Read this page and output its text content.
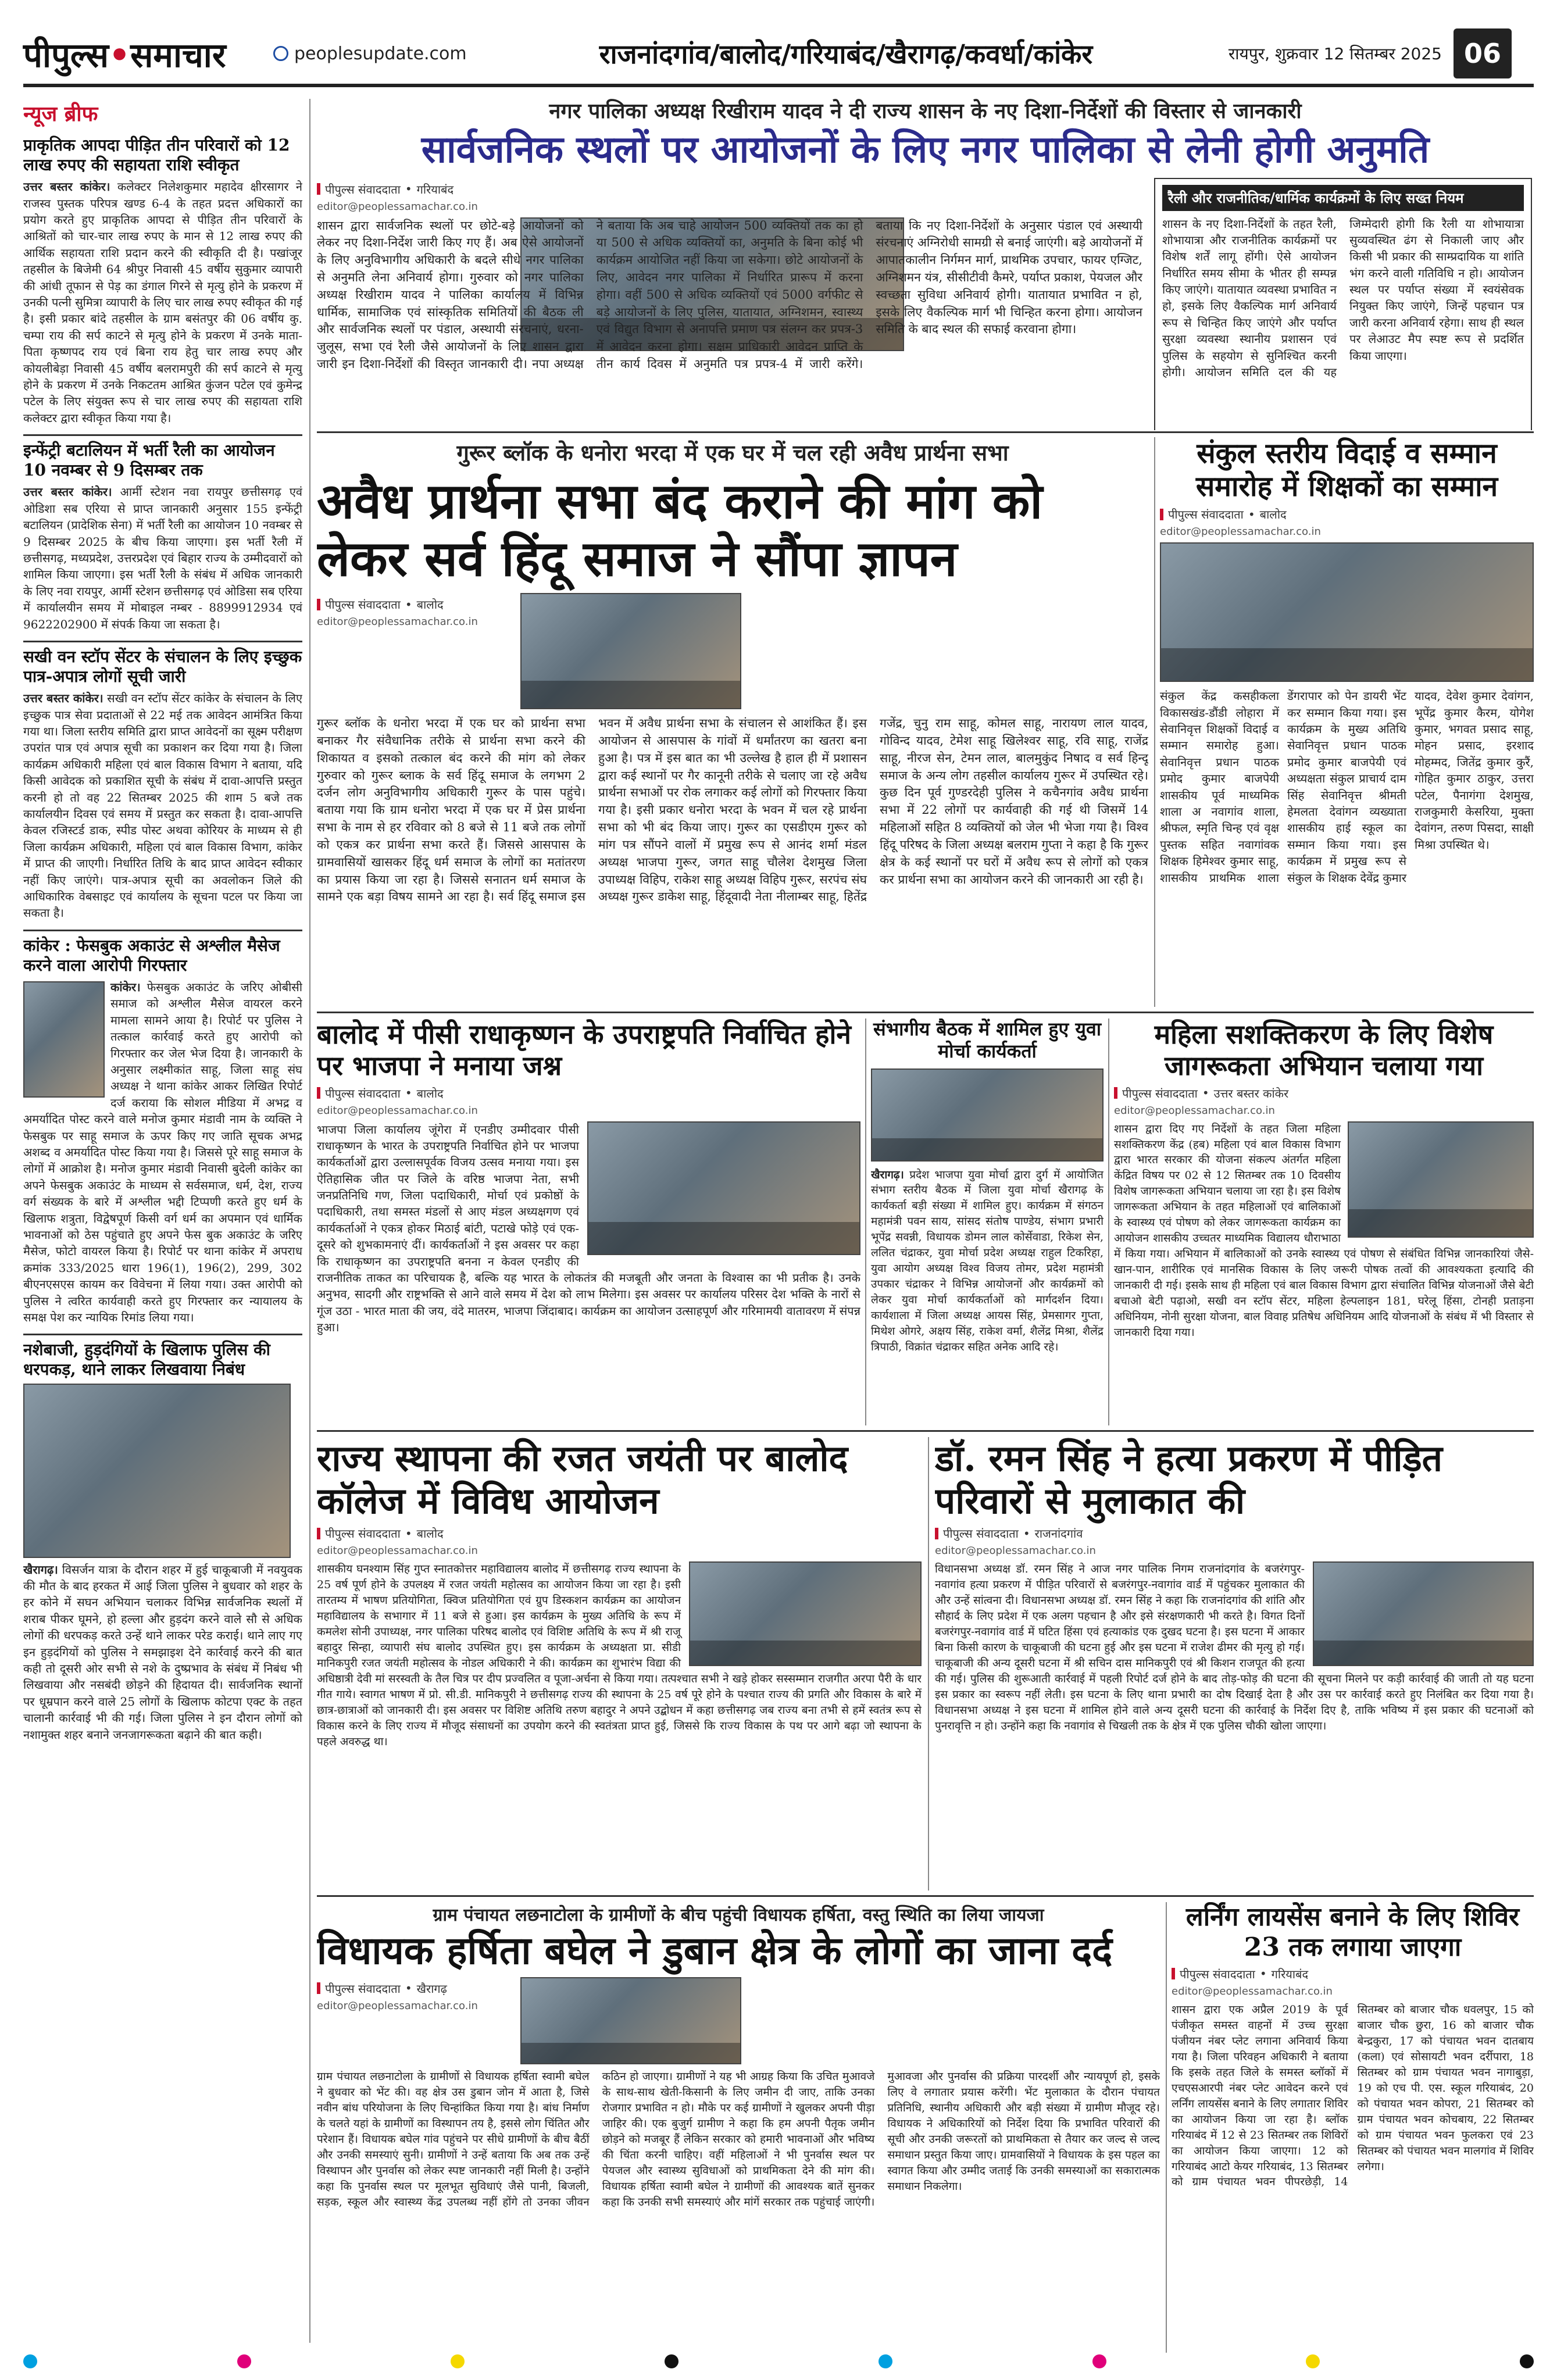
पीपुल्स•समाचार	peoplesupdate.com	राजनांदगांव/बालोद/गरियाबंद/खैरागढ़/कवर्धा/कांकेर	रायपुर, शुक्रवार 12 सितम्बर 2025 06
न्यूज ब्रीफ
प्राकृतिक आपदा पीड़ित तीन परिवारों को 12 लाख रुपए की सहायता राशि स्वीकृत

उत्तर बस्तर कांकेर। कलेक्टर निलेशकुमार महादेव क्षीरसागर ने राजस्व पुस्तक परिपत्र खण्ड 6-4 के तहत प्रदत्त अधिकारों का प्रयोग करते हुए प्राकृतिक आपदा से पीड़ित तीन परिवारों के आश्रितों को चार-चार लाख रुपए के मान से 12 लाख रुपए की आर्थिक सहायता राशि प्रदान करने की स्वीकृति दी है। पखांजूर तहसील के बिजेमी 64 श्रीपुर निवासी 45 वर्षीय सुकुमार व्यापारी की आंधी तूफान से पेड़ का डंगाल गिरने से मृत्यु होने के प्रकरण में उनकी पत्नी सुमित्रा व्यापारी के लिए चार लाख रुपए स्वीकृत की गई है। इसी प्रकार बांदे तहसील के ग्राम बसंतपुर की 06 वर्षीय कु. चम्पा राय की सर्प काटने से मृत्यु होने के प्रकरण में उनके माता-पिता कृष्णपद राय एवं बिना राय हेतु चार लाख रुपए और कोयलीबेड़ा निवासी 45 वर्षीय बलरामपुरी की सर्प काटने से मृत्यु होने के प्रकरण में उनके निकटतम आश्रित कुंजन पटेल एवं कुमेन्द्र पटेल के लिए संयुक्त रूप से चार लाख रुपए की सहायता राशि कलेक्टर द्वारा स्वीकृत किया गया है।

इन्फेंट्री बटालियन में भर्ती रैली का आयोजन 10 नवम्बर से 9 दिसम्बर तक

उत्तर बस्तर कांकेर। आर्मी स्टेशन नवा रायपुर छत्तीसगढ़ एवं ओडिशा सब एरिया से प्राप्त जानकारी अनुसार 155 इन्फेंट्री बटालियन (प्रादेशिक सेना) में भर्ती रैली का आयोजन 10 नवम्बर से 9 दिसम्बर 2025 के बीच किया जाएगा। इस भर्ती रैली में छत्तीसगढ़, मध्यप्रदेश, उत्तरप्रदेश एवं बिहार राज्य के उम्मीदवारों को शामिल किया जाएगा। इस भर्ती रैली के संबंध में अधिक जानकारी के लिए नवा रायपुर, आर्मी स्टेशन छत्तीसगढ़ एवं ओडिसा सब एरिया में कार्यालयीन समय में मोबाइल नम्बर - 8899912934 एवं 9622202900 में संपर्क किया जा सकता है।

सखी वन स्टॉप सेंटर के संचालन के लिए इच्छुक पात्र-अपात्र लोगों सूची जारी

उत्तर बस्तर कांकेर। सखी वन स्टॉप सेंटर कांकेर के संचालन के लिए इच्छुक पात्र सेवा प्रदाताओं से 22 मई तक आवेदन आमंत्रित किया गया था। जिला स्तरीय समिति द्वारा प्राप्त आवेदनों का सूक्ष्म परीक्षण उपरांत पात्र एवं अपात्र सूची का प्रकाशन कर दिया गया है। जिला कार्यक्रम अधिकारी महिला एवं बाल विकास विभाग ने बताया, यदि किसी आवेदक को प्रकाशित सूची के संबंध में दावा-आपत्ति प्रस्तुत करनी हो तो वह 22 सितम्बर 2025 की शाम 5 बजे तक कार्यालयीन दिवस एवं समय में प्रस्तुत कर सकता है। दावा-आपत्ति केवल रजिस्टर्ड डाक, स्पीड पोस्ट अथवा कोरियर के माध्यम से ही जिला कार्यक्रम अधिकारी, महिला एवं बाल विकास विभाग, कांकेर में प्राप्त की जाएगी। निर्धारित तिथि के बाद प्राप्त आवेदन स्वीकार नहीं किए जाएंगे। पात्र-अपात्र सूची का अवलोकन जिले की आधिकारिक वेबसाइट एवं कार्यालय के सूचना पटल पर किया जा सकता है।

कांकेर : फेसबुक अकाउंट से अश्लील मैसेज करने वाला आरोपी गिरफ्तार

कांकेर। फेसबुक अकाउंट के जरिए ओबीसी समाज को अश्लील मैसेज वायरल करने मामला सामने आया है। रिपोर्ट पर पुलिस ने तत्काल कार्रवाई करते हुए आरोपी को गिरफ्तार कर जेल भेज दिया है। जानकारी के अनुसार लक्ष्मीकांत साहू, जिला साहू संघ अध्यक्ष ने थाना कांकेर आकर लिखित रिपोर्ट दर्ज कराया कि सोशल मीडिया में अभद्र व अमर्यादित पोस्ट करने वाले मनोज कुमार मंडावी नाम के व्यक्ति ने फेसबुक पर साहू समाज के ऊपर किए गए जाति सूचक अभद्र अशब्द व अमर्यादित पोस्ट किया गया है। जिससे पूरे साहू समाज के लोगों में आक्रोश है। मनोज कुमार मंडावी निवासी बुदेली कांकेर का अपने फेसबुक अकाउंट के माध्यम से सर्वसमाज, धर्म, देश, राज्य वर्ग संख्यक के बारे में अश्लील भद्दी टिप्पणी करते हुए धर्म के खिलाफ शत्रुता, विद्वेषपूर्ण किसी वर्ग धर्म का अपमान एवं धार्मिक भावनाओं को ठेस पहुंचाते हुए अपने फेस बुक अकाउंट के जरिए मैसेज, फोटो वायरल किया है। रिपोर्ट पर थाना कांकेर में अपराध क्रमांक 333/2025 धारा 196(1), 196(2), 299, 302 बीएनएसएस कायम कर विवेचना में लिया गया। उक्त आरोपी को पुलिस ने त्वरित कार्यवाही करते हुए गिरफ्तार कर न्यायालय के समक्ष पेश कर न्यायिक रिमांड लिया गया।

नशेबाजी, हुड़दंगियों के खिलाफ पुलिस की धरपकड़, थाने लाकर लिखवाया निबंध

खैरागढ़। विसर्जन यात्रा के दौरान शहर में हुई चाकूबाजी में नवयुवक की मौत के बाद हरकत में आई जिला पुलिस ने बुधवार को शहर के हर कोने में सघन अभियान चलाकर विभिन्न सार्वजनिक स्थलों में शराब पीकर घूमने, हो हल्ला और हुड़दंग करने वाले सौ से अधिक लोगों की धरपकड़ करते उन्हें थाने लाकर परेड कराई। थाने लाए गए इन हुड़दंगियों को पुलिस ने समझाइश देने कार्रवाई करने की बात कही तो दूसरी ओर सभी से नशे के दुष्प्रभाव के संबंध में निबंध भी लिखवाया और नसबंदी छोड़ने की हिदायत दी। सार्वजनिक स्थानों पर धूम्रपान करने वाले 25 लोगों के खिलाफ कोटपा एक्ट के तहत चालानी कार्रवाई भी की गई। जिला पुलिस ने इन दौरान लोगों को नशामुक्त शहर बनाने जनजागरूकता बढ़ाने की बात कही।

नगर पालिका अध्यक्ष रिखीराम यादव ने दी राज्य शासन के नए दिशा-निर्देशों की विस्तार से जानकारी
सार्वजनिक स्थलों पर आयोजनों के लिए नगर पालिका से लेनी होगी अनुमति
पीपुल्स संवाददाता • गरियाबंद
editor@peoplessamachar.co.in
शासन द्वारा सार्वजनिक स्थलों पर छोटे-बड़े आयोजनों को लेकर नए दिशा-निर्देश जारी किए गए हैं। अब ऐसे आयोजनों के लिए अनुविभागीय अधिकारी के बदले सीधे नगर पालिका से अनुमति लेना अनिवार्य होगा। गुरुवार को नगर पालिका अध्यक्ष रिखीराम यादव ने पालिका कार्यालय में विभिन्न धार्मिक, सामाजिक एवं सांस्कृतिक समितियों की बैठक ली और सार्वजनिक स्थलों पर पंडाल, अस्थायी संरचनाएं, धरना-जुलूस, सभा एवं रैली जैसे आयोजनों के लिए शासन द्वारा जारी इन दिशा-निर्देशों की विस्तृत जानकारी दी। नपा अध्यक्ष ने बताया कि अब चाहे आयोजन 500 व्यक्तियों तक का हो या 500 से अधिक व्यक्तियों का, अनुमति के बिना कोई भी कार्यक्रम आयोजित नहीं किया जा सकेगा। छोटे आयोजनों के लिए, आवेदन नगर पालिका में निर्धारित प्रारूप में करना होगा। वहीं 500 से अधिक व्यक्तियों एवं 5000 वर्गफीट से बड़े आयोजनों के लिए पुलिस, यातायात, अग्निशमन, स्वास्थ्य एवं विद्युत विभाग से अनापत्ति प्रमाण पत्र संलग्न कर प्रपत्र-3 में आवेदन करना होगा। सक्षम प्राधिकारी आवेदन प्राप्ति के तीन कार्य दिवस में अनुमति पत्र प्रपत्र-4 में जारी करेंगे। बताया कि नए दिशा-निर्देशों के अनुसार पंडाल एवं अस्थायी संरचनाएं अग्निरोधी सामग्री से बनाई जाएंगी। बड़े आयोजनों में आपातकालीन निर्गमन मार्ग, प्राथमिक उपचार, फायर एग्जिट, अग्निशमन यंत्र, सीसीटीवी कैमरे, पर्याप्त प्रकाश, पेयजल और स्वच्छता सुविधा अनिवार्य होगी। यातायात प्रभावित न हो, इसके लिए वैकल्पिक मार्ग भी चिन्हित करना होगा। आयोजन समिति के बाद स्थल की सफाई करवाना होगा।
रैली और राजनीतिक/धार्मिक कार्यक्रमों के लिए सख्त नियम
शासन के नए दिशा-निर्देशों के तहत रैली, शोभायात्रा और राजनीतिक कार्यक्रमों पर विशेष शर्तें लागू होंगी। ऐसे आयोजन निर्धारित समय सीमा के भीतर ही सम्पन्न किए जाएंगे। यातायात व्यवस्था प्रभावित न हो, इसके लिए वैकल्पिक मार्ग अनिवार्य रूप से चिन्हित किए जाएंगे और पर्याप्त सुरक्षा व्यवस्था स्थानीय प्रशासन एवं पुलिस के सहयोग से सुनिश्चित करनी होगी। आयोजन समिति दल की यह जिम्मेदारी होगी कि रैली या शोभायात्रा सुव्यवस्थित ढंग से निकाली जाए और किसी भी प्रकार की साम्प्रदायिक या शांति भंग करने वाली गतिविधि न हो। आयोजन स्थल पर पर्याप्त संख्या में स्वयंसेवक नियुक्त किए जाएंगे, जिन्हें पहचान पत्र जारी करना अनिवार्य रहेगा। साथ ही स्थल पर लेआउट मैप स्पष्ट रूप से प्रदर्शित किया जाएगा।
गुरूर ब्लॉक के धनोरा भरदा में एक घर में चल रही अवैध प्रार्थना सभा
अवैध प्रार्थना सभा बंद कराने की मांग को लेकर सर्व हिंदू समाज ने सौंपा ज्ञापन
पीपुल्स संवाददाता • बालोद
editor@peoplessamachar.co.in
गुरूर ब्लॉक के धनोरा भरदा में एक घर को प्रार्थना सभा बनाकर गैर संवैधानिक तरीके से प्रार्थना सभा करने की शिकायत व इसको तत्काल बंद करने की मांग को लेकर गुरुवार को गुरूर ब्लाक के सर्व हिंदू समाज के लगभग 2 दर्जन लोग अनुविभागीय अधिकारी गुरूर के पास पहुंचे। बताया गया कि ग्राम धनोरा भरदा में एक घर में प्रेस प्रार्थना सभा के नाम से हर रविवार को 8 बजे से 11 बजे तक लोगों को एकत्र कर प्रार्थना सभा करते हैं। जिससे आसपास के ग्रामवासियों खासकर हिंदू धर्म समाज के लोगों का मतांतरण का प्रयास किया जा रहा है। जिससे सनातन धर्म समाज के सामने एक बड़ा विषय सामने आ रहा है। सर्व हिंदू समाज इस भवन में अवैध प्रार्थना सभा के संचालन से आशंकित हैं। इस आयोजन से आसपास के गांवों में धर्मांतरण का खतरा बना हुआ है। पत्र में इस बात का भी उल्लेख है हाल ही में प्रशासन द्वारा कई स्थानों पर गैर कानूनी तरीके से चलाए जा रहे अवैध प्रार्थना सभाओं पर रोक लगाकर कई लोगों को गिरफ्तार किया गया है। इसी प्रकार धनोरा भरदा के भवन में चल रहे प्रार्थना सभा को भी बंद किया जाए। गुरूर का एसडीएम गुरूर को मांग पत्र सौंपने वालों में प्रमुख रूप से आनंद शर्मा मंडल अध्यक्ष भाजपा गुरूर, जगत साहू चौलेश देशमुख जिला उपाध्यक्ष विहिप, राकेश साहू अध्यक्ष विहिप गुरूर, सरपंच संघ अध्यक्ष गुरूर डाकेश साहू, हिंदूवादी नेता नीलाम्बर साहू, हितेंद्र गजेंद्र, चुनु राम साहू, कोमल साहू, नारायण लाल यादव, गोविन्द यादव, टेमेश साहू खिलेश्वर साहू, रवि साहू, राजेंद्र साहू, नीरज सेन, टेमन लाल, बालमुकुंद निषाद व सर्व हिन्दू समाज के अन्य लोग तहसील कार्यालय गुरूर में उपस्थित रहे। कुछ दिन पूर्व गुण्डरदेही पुलिस ने कचैनगांव अवैध प्रार्थना सभा में 22 लोगों पर कार्यवाही की गई थी जिसमें 14 महिलाओं सहित 8 व्यक्तियों को जेल भी भेजा गया है। विश्व हिंदू परिषद के जिला अध्यक्ष बलराम गुप्ता ने कहा है कि गुरूर क्षेत्र के कई स्थानों पर घरों में अवैध रूप से लोगों को एकत्र कर प्रार्थना सभा का आयोजन करने की जानकारी आ रही है।
संकुल स्तरीय विदाई व सम्मान समारोह में शिक्षकों का सम्मान
पीपुल्स संवाददाता • बालोद
editor@peoplessamachar.co.in
संकुल केंद्र कसहीकला विकासखंड-डौंडी लोहारा में सेवानिवृत्त शिक्षकों विदाई व सम्मान समारोह हुआ। सेवानिवृत्त प्रधान पाठक प्रमोद कुमार बाजपेयी शासकीय पूर्व माध्यमिक शाला अ नवागांव शाला, श्रीफल, स्मृति चिन्ह एवं वृक्ष पुस्तक सहित नवागांवक शिक्षक हिमेश्वर कुमार साहू, शासकीय प्राथमिक शाला डेंगरापार को पेन डायरी भेंट कर सम्मान किया गया। इस कार्यक्रम के मुख्य अतिथि सेवानिवृत्त प्रधान पाठक प्रमोद कुमार बाजपेयी एवं अध्यक्षता संकुल प्राचार्य दाम सिंह सेवानिवृत्त श्रीमती हेमलता देवांगन व्यख्याता शासकीय हाई स्कूल का सम्मान किया गया। इस कार्यक्रम में प्रमुख रूप से संकुल के शिक्षक देवेंद्र कुमार यादव, देवेश कुमार देवांगन, भूपेंद्र कुमार कैरम, योगेश कुमार, भगवत प्रसाद साहू, मोहन प्रसाद, इरशाद मोहम्मद, जितेंद्र कुमार कुरैं, गोहित कुमार ठाकुर, उत्तरा पटेल, पैनागंगा देशमुख, राजकुमारी केसरिया, मुक्ता देवांगन, तरुण पिसदा, साक्षी मिश्रा उपस्थित थे।
बालोद में पीसी राधाकृष्णन के उपराष्ट्रपति निर्वाचित होने पर भाजपा ने मनाया जश्न
पीपुल्स संवाददाता • बालोद
editor@peoplessamachar.co.in
भाजपा जिला कार्यालय जूंगेरा में एनडीए उम्मीदवार पीसी राधाकृष्णन के भारत के उपराष्ट्रपति निर्वाचित होने पर भाजपा कार्यकर्ताओं द्वारा उल्लासपूर्वक विजय उत्सव मनाया गया। इस ऐतिहासिक जीत पर जिले के वरिष्ठ भाजपा नेता, सभी जनप्रतिनिधि गण, जिला पदाधिकारी, मोर्चा एवं प्रकोष्ठों के पदाधिकारी, तथा समस्त मंडलों से आए मंडल अध्यक्षगण एवं कार्यकर्ताओं ने एकत्र होकर मिठाई बांटी, पटाखे फोड़े एवं एक-दूसरे को शुभकामनाएं दीं। कार्यकर्ताओं ने इस अवसर पर कहा कि राधाकृष्णन का उपराष्ट्रपति बनना न केवल एनडीए की राजनीतिक ताकत का परिचायक है, बल्कि यह भारत के लोकतंत्र की मजबूती और जनता के विश्वास का भी प्रतीक है। उनके अनुभव, सादगी और राष्ट्रभक्ति से आने वाले समय में देश को लाभ मिलेगा। इस अवसर पर कार्यालय परिसर देश भक्ति के नारों से गूंज उठा - भारत माता की जय, वंदे मातरम, भाजपा जिंदाबाद। कार्यक्रम का आयोजन उत्साहपूर्ण और गरिमामयी वातावरण में संपन्न हुआ।
संभागीय बैठक में शामिल हुए युवा मोर्चा कार्यकर्ता

खैरागढ़। प्रदेश भाजपा युवा मोर्चा द्वारा दुर्ग में आयोजित संभाग स्तरीय बैठक में जिला युवा मोर्चा खैरागढ़ के कार्यकर्ता बड़ी संख्या में शामिल हुए। कार्यक्रम में संगठन महामंत्री पवन साय, सांसद संतोष पाण्डेय, संभाग प्रभारी भूपेंद्र सवन्नी, विधायक डोमन लाल कोर्सेवाडा, रिकेश सेन, ललित चंद्राकर, युवा मोर्चा प्रदेश अध्यक्ष राहुल टिकरिहा, युवा आयोग अध्यक्ष विश्व विजय तोमर, प्रदेश महामंत्री उपकार चंद्राकर ने विभिन्न आयोजनों और कार्यक्रमों को लेकर युवा मोर्चा कार्यकर्ताओं को मार्गदर्शन दिया। कार्यशाला में जिला अध्यक्ष आयस सिंह, प्रेमसागर गुप्ता, मिथेश ओगरे, अक्षय सिंह, राकेश वर्मा, शैलेंद्र मिश्रा, शैलेंद्र त्रिपाठी, विक्रांत चंद्राकर सहित अनेक आदि रहे।

महिला सशक्तिकरण के लिए विशेष जागरूकता अभियान चलाया गया
पीपुल्स संवाददाता • उत्तर बस्तर कांकेर
editor@peoplessamachar.co.in
शासन द्वारा दिए गए निर्देशों के तहत जिला महिला सशक्तिकरण केंद्र (हब) महिला एवं बाल विकास विभाग द्वारा भारत सरकार की योजना संकल्प अंतर्गत महिला केंद्रित विषय पर 02 से 12 सितम्बर तक 10 दिवसीय विशेष जागरूकता अभियान चलाया जा रहा है। इस विशेष जागरूकता अभियान के तहत महिलाओं एवं बालिकाओं के स्वास्थ्य एवं पोषण को लेकर जागरूकता कार्यक्रम का आयोजन शासकीय उच्चतर माध्यमिक विद्यालय धौराभाठा में किया गया। अभियान में बालिकाओं को उनके स्वास्थ्य एवं पोषण से संबंधित विभिन्न जानकारियां जैसे- खान-पान, शारीरिक एवं मानसिक विकास के लिए जरूरी पोषक तत्वों की आवश्यकता इत्यादि की जानकारी दी गई। इसके साथ ही महिला एवं बाल विकास विभाग द्वारा संचालित विभिन्न योजनाओं जैसे बेटी बचाओ बेटी पढ़ाओ, सखी वन स्टॉप सेंटर, महिला हेल्पलाइन 181, घरेलू हिंसा, टोनही प्रताड़ना अधिनियम, नोनी सुरक्षा योजना, बाल विवाह प्रतिषेध अधिनियम आदि योजनाओं के संबंध में भी विस्तार से जानकारी दिया गया।
राज्य स्थापना की रजत जयंती पर बालोद कॉलेज में विविध आयोजन
पीपुल्स संवाददाता • बालोद
editor@peoplessamachar.co.in
शासकीय घनश्याम सिंह गुप्त स्नातकोत्तर महाविद्यालय बालोद में छत्तीसगढ़ राज्य स्थापना के 25 वर्ष पूर्ण होने के उपलक्ष्य में रजत जयंती महोत्सव का आयोजन किया जा रहा है। इसी तारतम्य में भाषण प्रतियोगिता, क्विज प्रतियोगिता एवं ग्रुप डिस्कशन कार्यक्रम का आयोजन महाविद्यालय के सभागार में 11 बजे से हुआ। इस कार्यक्रम के मुख्य अतिथि के रूप में कमलेश सोनी उपाध्यक्ष, नगर पालिका परिषद बालोद एवं विशिष्ट अतिथि के रूप में श्री राजू बहादुर सिन्हा, व्यापारी संघ बालोद उपस्थित हुए। इस कार्यक्रम के अध्यक्षता प्रा. सीडी मानिकपुरी रजत जयंती महोत्सव के नोडल अधिकारी ने की। कार्यक्रम का शुभारंभ विद्या की अधिष्ठात्री देवी मां सरस्वती के तैल चित्र पर दीप प्रज्वलित व पूजा-अर्चना से किया गया। तत्पश्चात सभी ने खड़े होकर सस्सम्मान राजगीत अरपा पैरी के धार गीत गाये। स्वागत भाषण में प्रो. सी.डी. मानिकपुरी ने छत्तीसगढ़ राज्य की स्थापना के 25 वर्ष पूरे होने के पश्चात राज्य की प्रगति और विकास के बारे में छात्र-छात्राओं को जानकारी दी। इस अवसर पर विशिष्ट अतिथि तरुण बहादुर ने अपने उद्बोधन में कहा छत्तीसगढ़ जब राज्य बना तभी से हमें स्वतंत्र रूप से विकास करने के लिए राज्य में मौजूद संसाधनों का उपयोग करने की स्वतंत्रता प्राप्त हुई, जिससे कि राज्य विकास के पथ पर आगे बढ़ा जो स्थापना के पहले अवरुद्ध था।
डॉ. रमन सिंह ने हत्या प्रकरण में पीड़ित परिवारों से मुलाकात की
पीपुल्स संवाददाता • राजनांदगांव
editor@peoplessamachar.co.in
विधानसभा अध्यक्ष डॉ. रमन सिंह ने आज नगर पालिक निगम राजनांदगांव के बजरंगपुर-नवागांव हत्या प्रकरण में पीड़ित परिवारों से बजरंगपुर-नवागांव वार्ड में पहुंचकर मुलाकात की और उन्हें सांत्वना दी। विधानसभा अध्यक्ष डॉ. रमन सिंह ने कहा कि राजनांदगांव की शांति और सौहार्द के लिए प्रदेश में एक अलग पहचान है और इसे संरक्षणकारी भी करते है। विगत दिनों बजरंगपुर-नवागांव वार्ड में घटित हिंसा एवं हत्याकांड एक दुखद घटना है। इस घटना में आकार बिना किसी कारण के चाकूबाजी की घटना हुई और इस घटना में राजेश ढीमर की मृत्यु हो गई। चाकूबाजी की अन्य दूसरी घटना में श्री सचिन दास मानिकपुरी एवं श्री किशन राजपूत की हत्या की गई। पुलिस की शुरूआती कार्रवाई में पहली रिपोर्ट दर्ज होने के बाद तोड़-फोड़ की घटना की सूचना मिलने पर कड़ी कार्रवाई की जाती तो यह घटना इस प्रकार का स्वरूप नहीं लेती। इस घटना के लिए थाना प्रभारी का दोष दिखाई देता है और उस पर कार्रवाई करते हुए निलंबित कर दिया गया है। विधानसभा अध्यक्ष ने इस घटना में शामिल होने वाले अन्य दूसरी घटना की कार्रवाई के निर्देश दिए है, ताकि भविष्य में इस प्रकार की घटनाओं को पुनरावृत्ति न हो। उन्होंने कहा कि नवागांव से चिखली तक के क्षेत्र में एक पुलिस चौकी खोला जाएगा।
ग्राम पंचायत लछनाटोला के ग्रामीणों के बीच पहुंची विधायक हर्षिता, वस्तु स्थिति का लिया जायजा
विधायक हर्षिता बघेल ने डुबान क्षेत्र के लोगों का जाना दर्द
पीपुल्स संवाददाता • खैरागढ़
editor@peoplessamachar.co.in
ग्राम पंचायत लछनाटोला के ग्रामीणों से विधायक हर्षिता स्वामी बघेल ने बुधवार को भेंट की। वह क्षेत्र उस डुबान जोन में आता है, जिसे नवीन बांध परियोजना के लिए चिन्हांकित किया गया है। बांध निर्माण के चलते यहां के ग्रामीणों का विस्थापन तय है, इससे लोग चिंतित और परेशान हैं। विधायक बघेल गांव पहुंचने पर सीधे ग्रामीणों के बीच बैठीं और उनकी समस्याएं सुनी। ग्रामीणों ने उन्हें बताया कि अब तक उन्हें विस्थापन और पुनर्वास को लेकर स्पष्ट जानकारी नहीं मिली है। उन्होंने कहा कि पुनर्वास स्थल पर मूलभूत सुविधाएं जैसे पानी, बिजली, सड़क, स्कूल और स्वास्थ्य केंद्र उपलब्ध नहीं होंगे तो उनका जीवन कठिन हो जाएगा। ग्रामीणों ने यह भी आग्रह किया कि उचित मुआवजे के साथ-साथ खेती-किसानी के लिए जमीन दी जाए, ताकि उनका रोजगार प्रभावित न हो। मौके पर कई ग्रामीणों ने खुलकर अपनी पीड़ा जाहिर की। एक बुजुर्ग ग्रामीण ने कहा कि हम अपनी पैतृक जमीन छोड़ने को मजबूर हैं लेकिन सरकार को हमारी भावनाओं और भविष्य की चिंता करनी चाहिए। वहीं महिलाओं ने भी पुनर्वास स्थल पर पेयजल और स्वास्थ्य सुविधाओं को प्राथमिकता देने की मांग की। विधायक हर्षिता स्वामी बघेल ने ग्रामीणों की आवश्यक बातें सुनकर कहा कि उनकी सभी समस्याएं और मांगें सरकार तक पहुंचाई जाएंगी। मुआवजा और पुनर्वास की प्रक्रिया पारदर्शी और न्यायपूर्ण हो, इसके लिए वे लगातार प्रयास करेंगी। भेंट मुलाकात के दौरान पंचायत प्रतिनिधि, स्थानीय अधिकारी और बड़ी संख्या में ग्रामीण मौजूद रहे। विधायक ने अधिकारियों को निर्देश दिया कि प्रभावित परिवारों की सूची और उनकी जरूरतों को प्राथमिकता से तैयार कर जल्द से जल्द समाधान प्रस्तुत किया जाए। ग्रामवासियों ने विधायक के इस पहल का स्वागत किया और उम्मीद जताई कि उनकी समस्याओं का सकारात्मक समाधान निकलेगा।
लर्निंग लायसेंस बनाने के लिए शिविर 23 तक लगाया जाएगा
पीपुल्स संवाददाता • गरियाबंद
editor@peoplessamachar.co.in
शासन द्वारा एक अप्रैल 2019 के पूर्व पंजीकृत समस्त वाहनों में उच्च सुरक्षा पंजीयन नंबर प्लेट लगाना अनिवार्य किया गया है। जिला परिवहन अधिकारी ने बताया कि इसके तहत जिले के समस्त ब्लॉकों में एचएसआरपी नंबर प्लेट आवेदन करने एवं लर्निंग लायसेंस बनाने के लिए लगातार शिविर का आयोजन किया जा रहा है। ब्लॉक गरियाबंद में 12 से 23 सितम्बर तक शिविरों का आयोजन किया जाएगा। 12 को गरियाबंद आटो केयर गरियाबंद, 13 सितम्बर को ग्राम पंचायत भवन पीपरछेड़ी, 14 सितम्बर को बाजार चौक धवलपुर, 15 को बाजार चौक छुरा, 16 को बाजार चौक बेन्द्रकुरा, 17 को पंचायत भवन दातबाय (कला) एवं सोसायटी भवन दर्रीपारा, 18 सितम्बर को ग्राम पंचायत भवन नागाबुड़ा, 19 को एच पी. एस. स्कूल गरियाबंद, 20 को पंचायत भवन कोपरा, 21 सितम्बर को ग्राम पंचायत भवन कोचबाय, 22 सितम्बर को ग्राम पंचायत भवन फुलकरा एवं 23 सितम्बर को पंचायत भवन मालगांव में शिविर लगेगा।
